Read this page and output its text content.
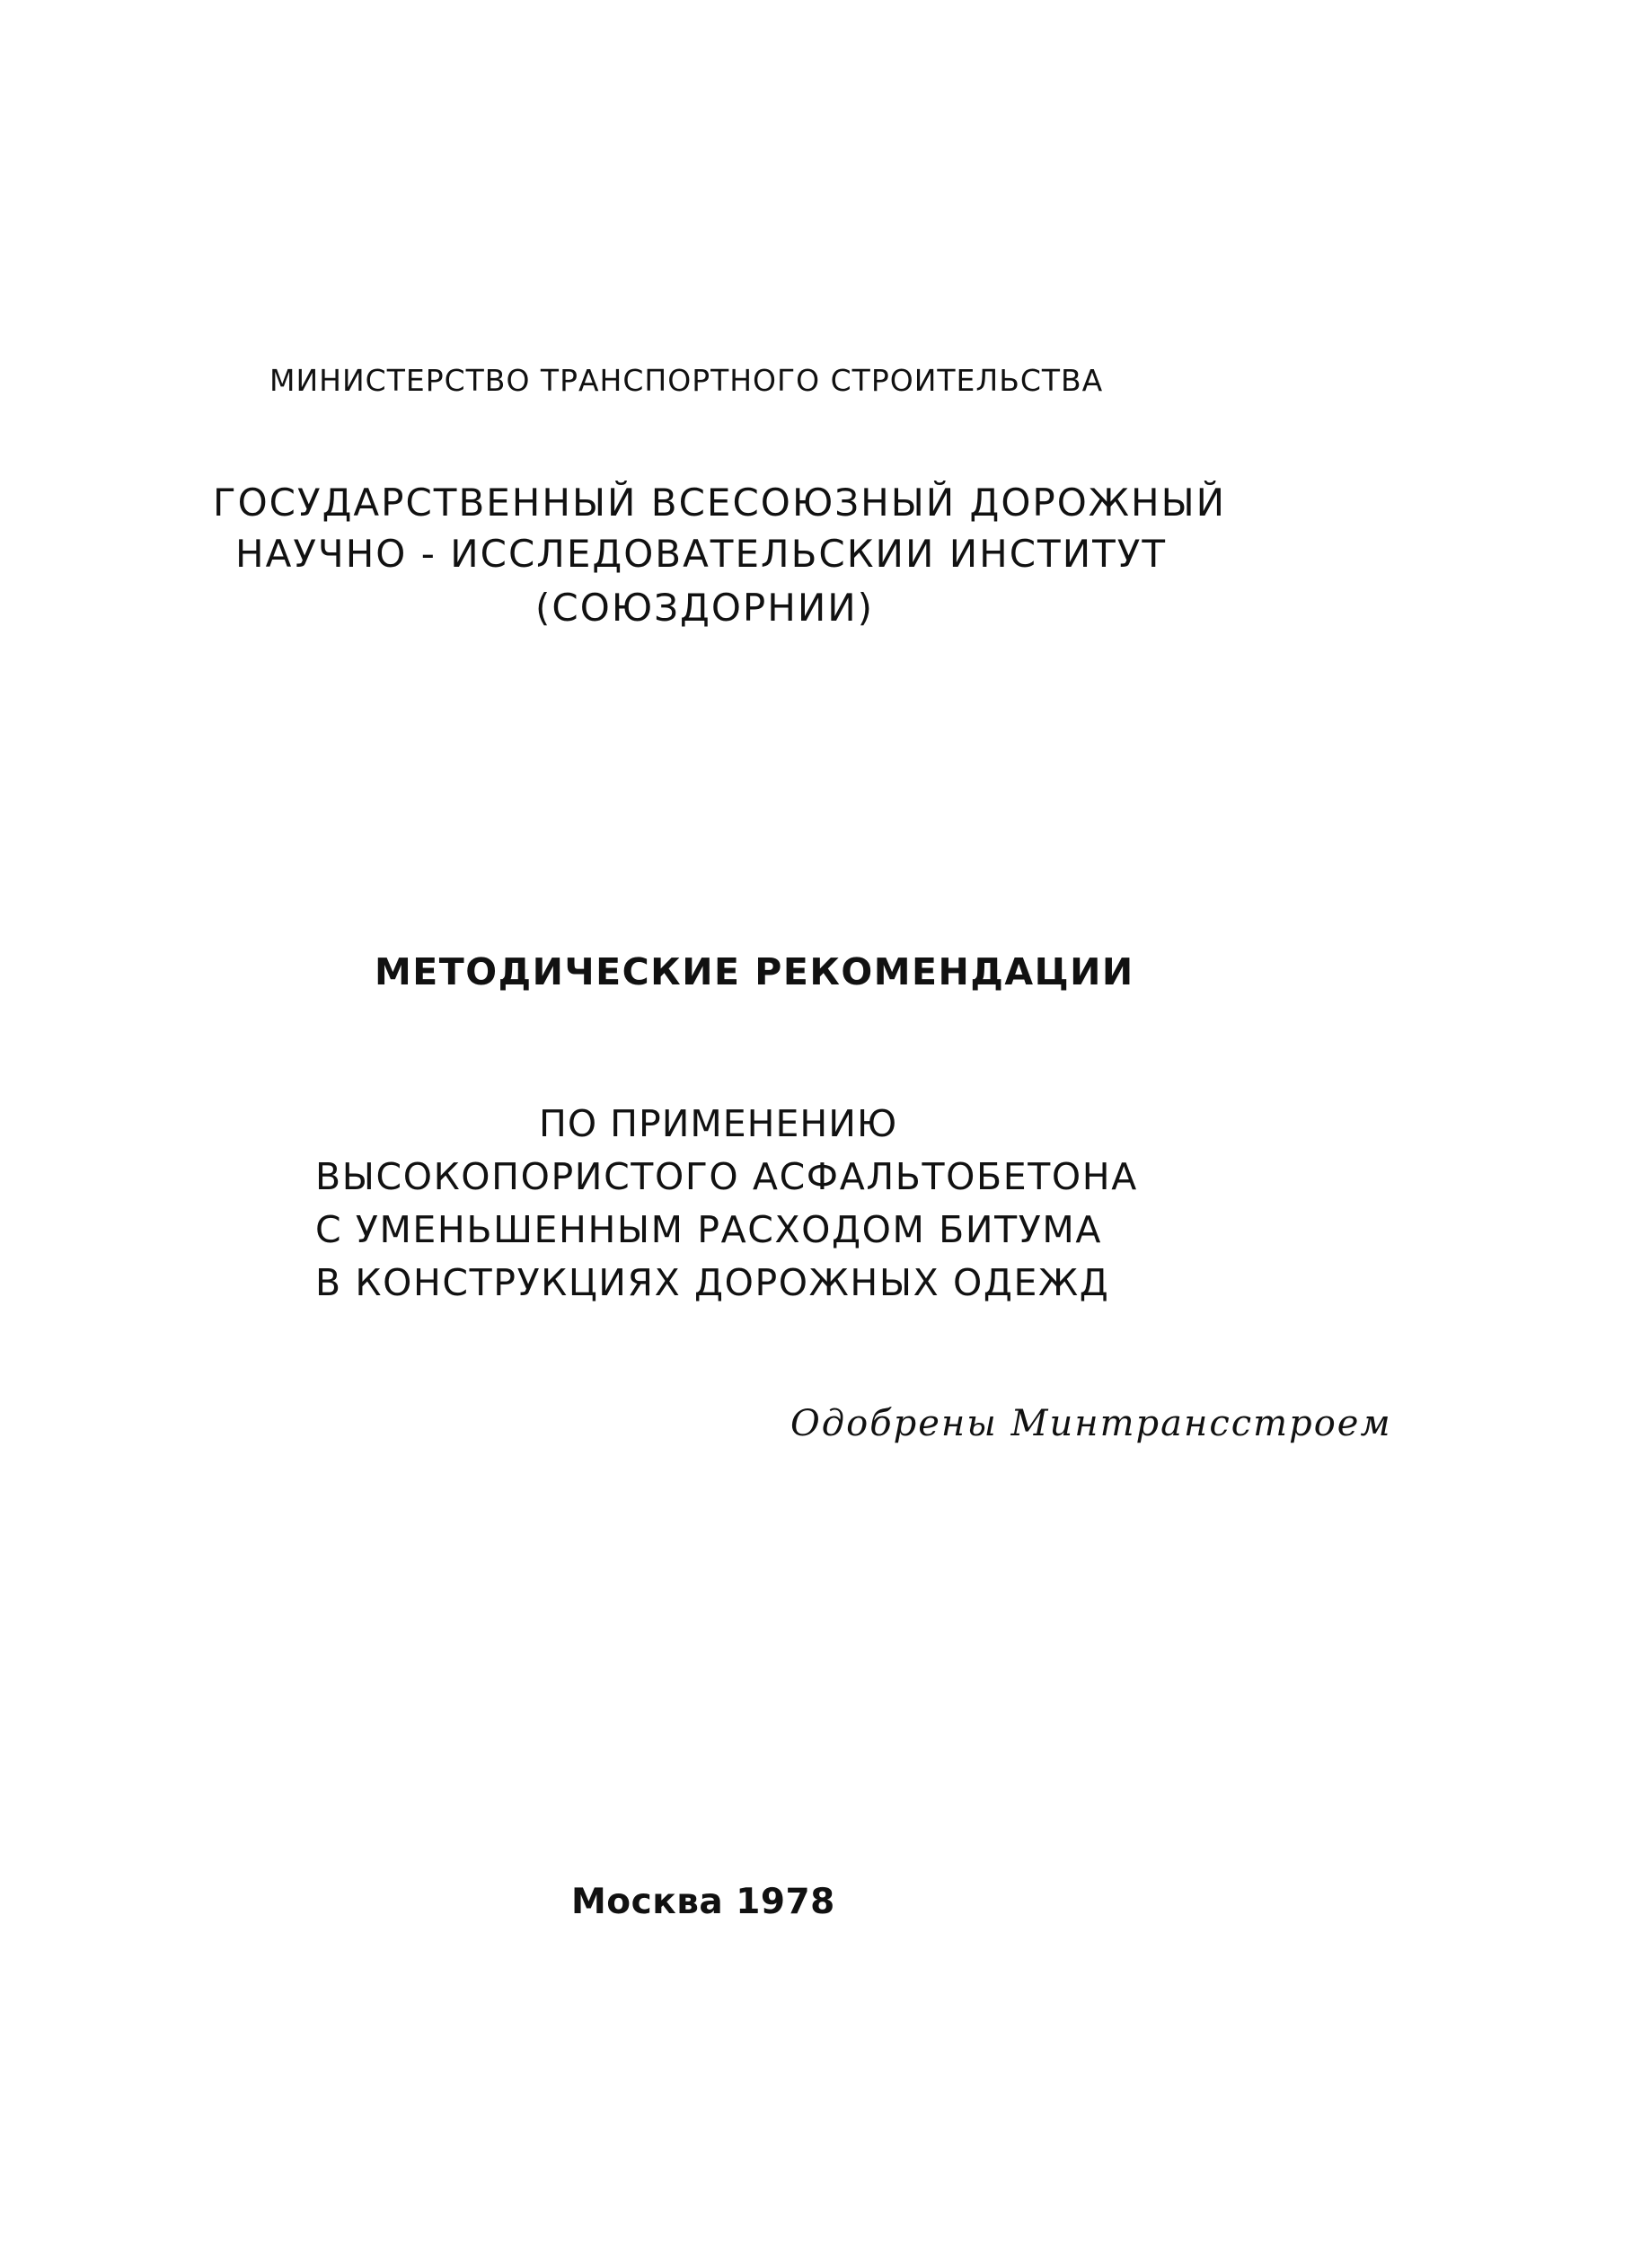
МИНИСТЕРСТВО ТРАНСПОРТНОГО СТРОИТЕЛЬСТВА
ГОСУДАРСТВЕННЫЙ ВСЕСОЮЗНЫЙ ДОРОЖНЫЙ
НАУЧНО - ИССЛЕДОВАТЕЛЬСКИИ ИНСТИТУТ
(СОЮЗДОРНИИ)
МЕТОДИЧЕСКИЕ РЕКОМЕНДАЦИИ
ПО ПРИМЕНЕНИЮ
ВЫСОКОПОРИСТОГО АСФАЛЬТОБЕТОНА
С УМЕНЬШЕННЫМ РАСХОДОМ БИТУМА
В КОНСТРУКЦИЯХ ДОРОЖНЫХ ОДЕЖД
Одобрены Минтрансстроем
Москва 1978
